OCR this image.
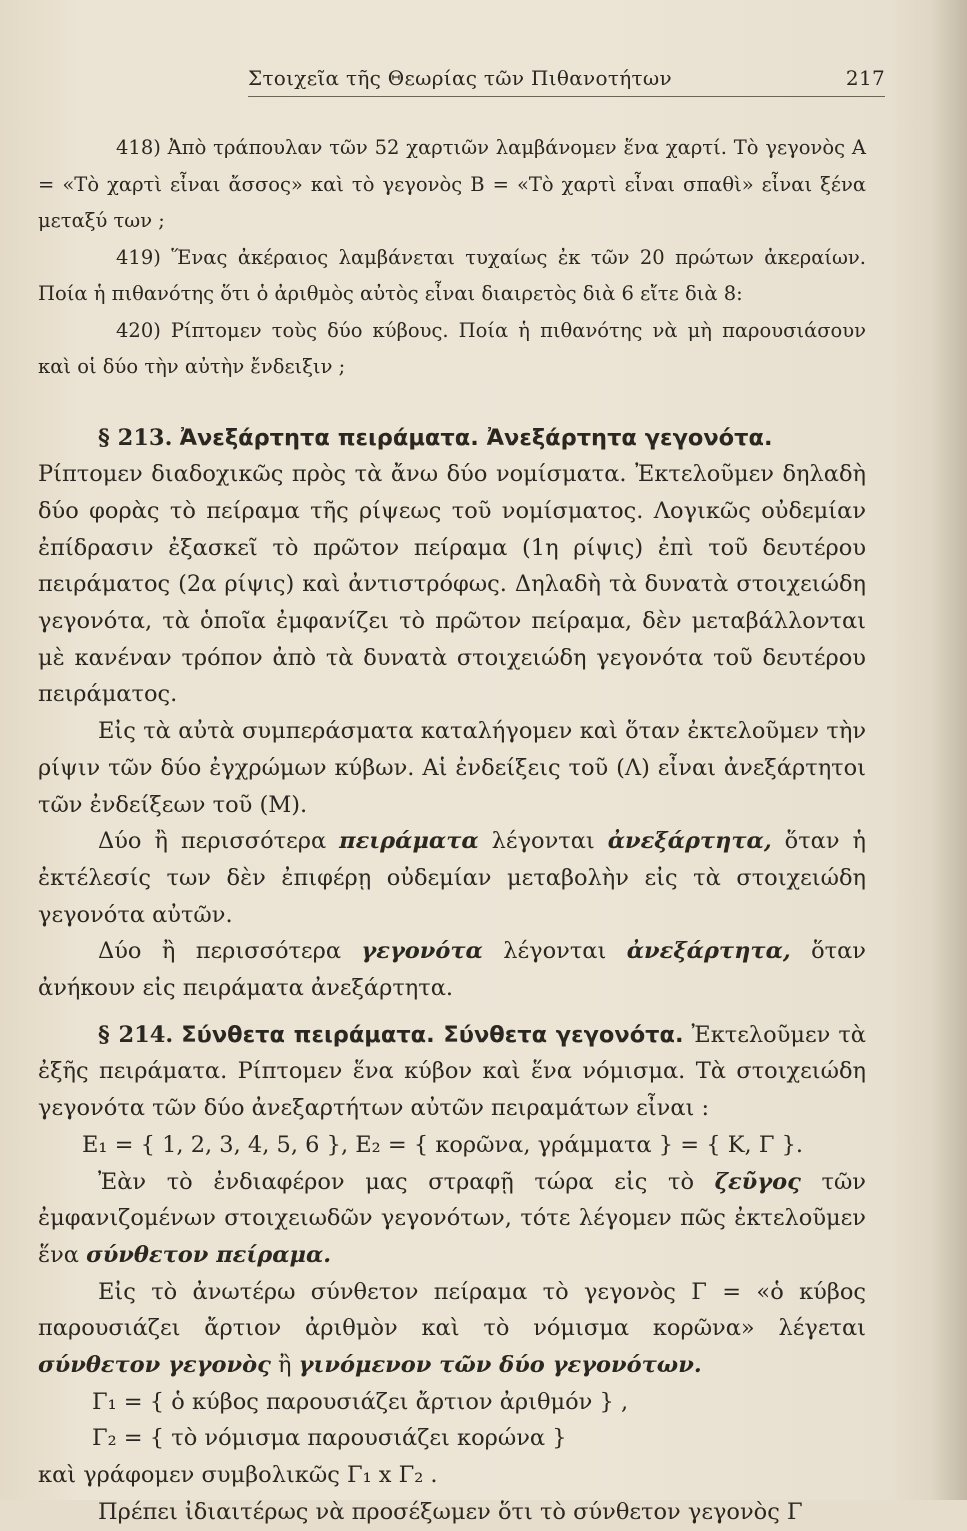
Στοιχεῖα τῆς Θεωρίας τῶν Πιθανοτήτων	217

418) Ἀπὸ τράπουλαν τῶν 52 χαρτιῶν λαμβάνομεν ἕνα χαρτί. Τὸ γεγονὸς A = «Τὸ χαρτὶ εἶναι ἄσσος» καὶ τὸ γεγονὸς B = «Τὸ χαρτὶ εἶναι σπαθὶ» εἶναι ξένα μεταξύ των ;

419) Ἕνας ἀκέραιος λαμβάνεται τυχαίως ἐκ τῶν 20 πρώτων ἀκεραίων. Ποία ἡ πιθανότης ὅτι ὁ ἀριθμὸς αὐτὸς εἶναι διαιρετὸς διὰ 6 εἴτε διὰ 8:

420) Ρίπτομεν τοὺς δύο κύβους. Ποία ἡ πιθανότης νὰ μὴ παρουσιάσουν καὶ οἱ δύο τὴν αὐτὴν ἔνδειξιν ;

§ 213. Ἀνεξάρτητα πειράματα. Ἀνεξάρτητα γεγονότα.

Ρίπτομεν διαδοχικῶς πρὸς τὰ ἄνω δύο νομίσματα. Ἐκτελοῦμεν δηλαδὴ δύο φορὰς τὸ πείραμα τῆς ρίψεως τοῦ νομίσματος. Λογικῶς οὐδεμίαν ἐπίδρασιν ἐξασκεῖ τὸ πρῶτον πείραμα (1η ρίψις) ἐπὶ τοῦ δευτέρου πειράματος (2α ρίψις) καὶ ἀντιστρόφως. Δηλαδὴ τὰ δυνατὰ στοιχειώδη γεγονότα, τὰ ὁποῖα ἐμφανίζει τὸ πρῶτον πείραμα, δὲν μεταβάλλονται μὲ κανέναν τρόπον ἀπὸ τὰ δυνατὰ στοιχειώδη γεγονότα τοῦ δευτέρου πειράματος.

Εἰς τὰ αὐτὰ συμπεράσματα καταλήγομεν καὶ ὅταν ἐκτελοῦμεν τὴν ρίψιν τῶν δύο ἐγχρώμων κύβων. Αἱ ἐνδείξεις τοῦ (Λ) εἶναι ἀνεξάρτητοι τῶν ἐνδείξεων τοῦ (Μ).

Δύο ἢ περισσότερα πειράματα λέγονται ἀνεξάρτητα, ὅταν ἡ ἐκτέλεσίς των δὲν ἐπιφέρῃ οὐδεμίαν μεταβολὴν εἰς τὰ στοιχειώδη γεγονότα αὐτῶν.

Δύο ἢ περισσότερα γεγονότα λέγονται ἀνεξάρτητα, ὅταν ἀνήκουν εἰς πειράματα ἀνεξάρτητα.

§ 214. Σύνθετα πειράματα. Σύνθετα γεγονότα. Ἐκτελοῦμεν τὰ ἐξῆς πειράματα. Ρίπτομεν ἕνα κύβον καὶ ἕνα νόμισμα. Τὰ στοιχειώδη γεγονότα τῶν δύο ἀνεξαρτήτων αὐτῶν πειραμάτων εἶναι :

E₁ = { 1, 2, 3, 4, 5, 6 }, E₂ = { κορῶνα, γράμματα } = { K, Γ }.

Ἐὰν τὸ ἐνδιαφέρον μας στραφῇ τώρα εἰς τὸ ζεῦγος τῶν ἐμφανιζομένων στοιχειωδῶν γεγονότων, τότε λέγομεν πῶς ἐκτελοῦμεν ἕνα σύνθετον πείραμα.

Εἰς τὸ ἀνωτέρω σύνθετον πείραμα τὸ γεγονὸς Γ = «ὁ κύβος παρουσιάζει ἄρτιον ἀριθμὸν καὶ τὸ νόμισμα κορῶνα» λέγεται σύνθετον γεγονὸς ἢ γινόμενον τῶν δύο γεγονότων.

Γ₁ = { ὁ κύβος παρουσιάζει ἄρτιον ἀριθμόν } ,

Γ₂ = { τὸ νόμισμα παρουσιάζει κορώνα }

καὶ γράφομεν συμβολικῶς Γ₁ x Γ₂ .

Πρέπει ἰδιαιτέρως νὰ προσέξωμεν ὅτι τὸ σύνθετον γεγονὸς Γ
